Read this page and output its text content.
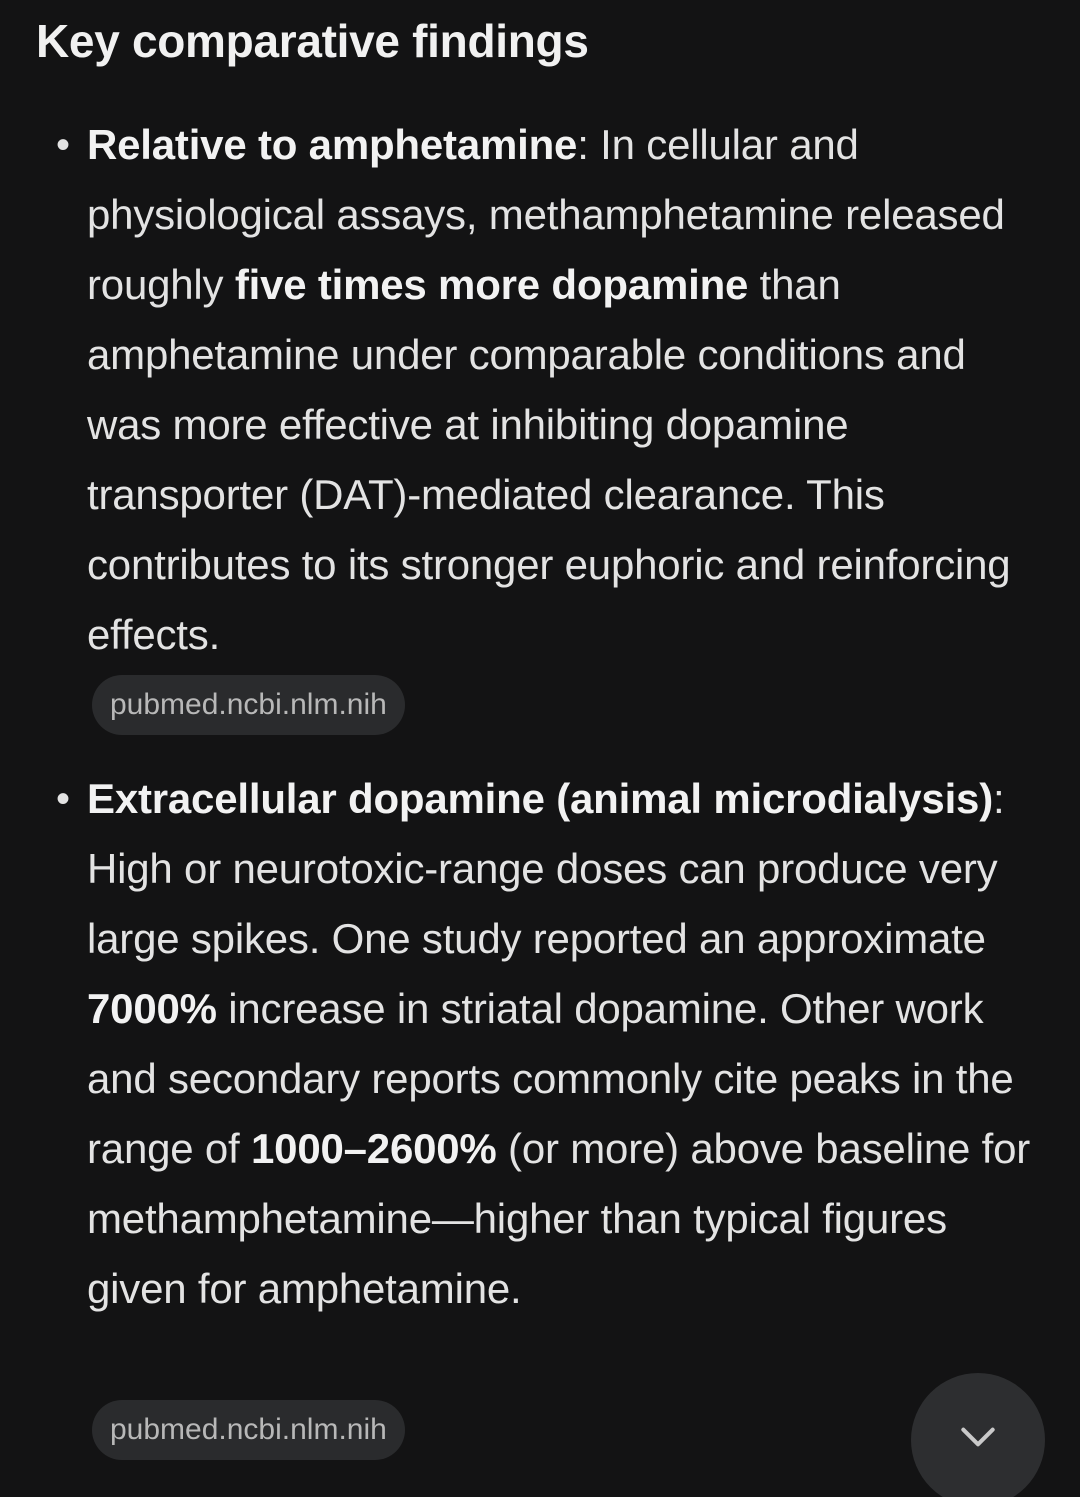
Key comparative findings
• Relative to amphetamine: In cellular and physiological assays, methamphetamine released roughly five times more dopamine than amphetamine under comparable conditions and was more effective at inhibiting dopamine transporter (DAT)-mediated clearance. This contributes to its stronger euphoric and reinforcing effects.

pubmed.ncbi.nlm.nih
• Extracellular dopamine (animal microdialysis): High or neurotoxic-range doses can produce very large spikes. One study reported an approximate 7000% increase in striatal dopamine. Other work and secondary reports commonly cite peaks in the range of 1000–2600% (or more) above baseline for methamphetamine—higher than typical figures given for amphetamine.

pubmed.ncbi.nlm.nih
